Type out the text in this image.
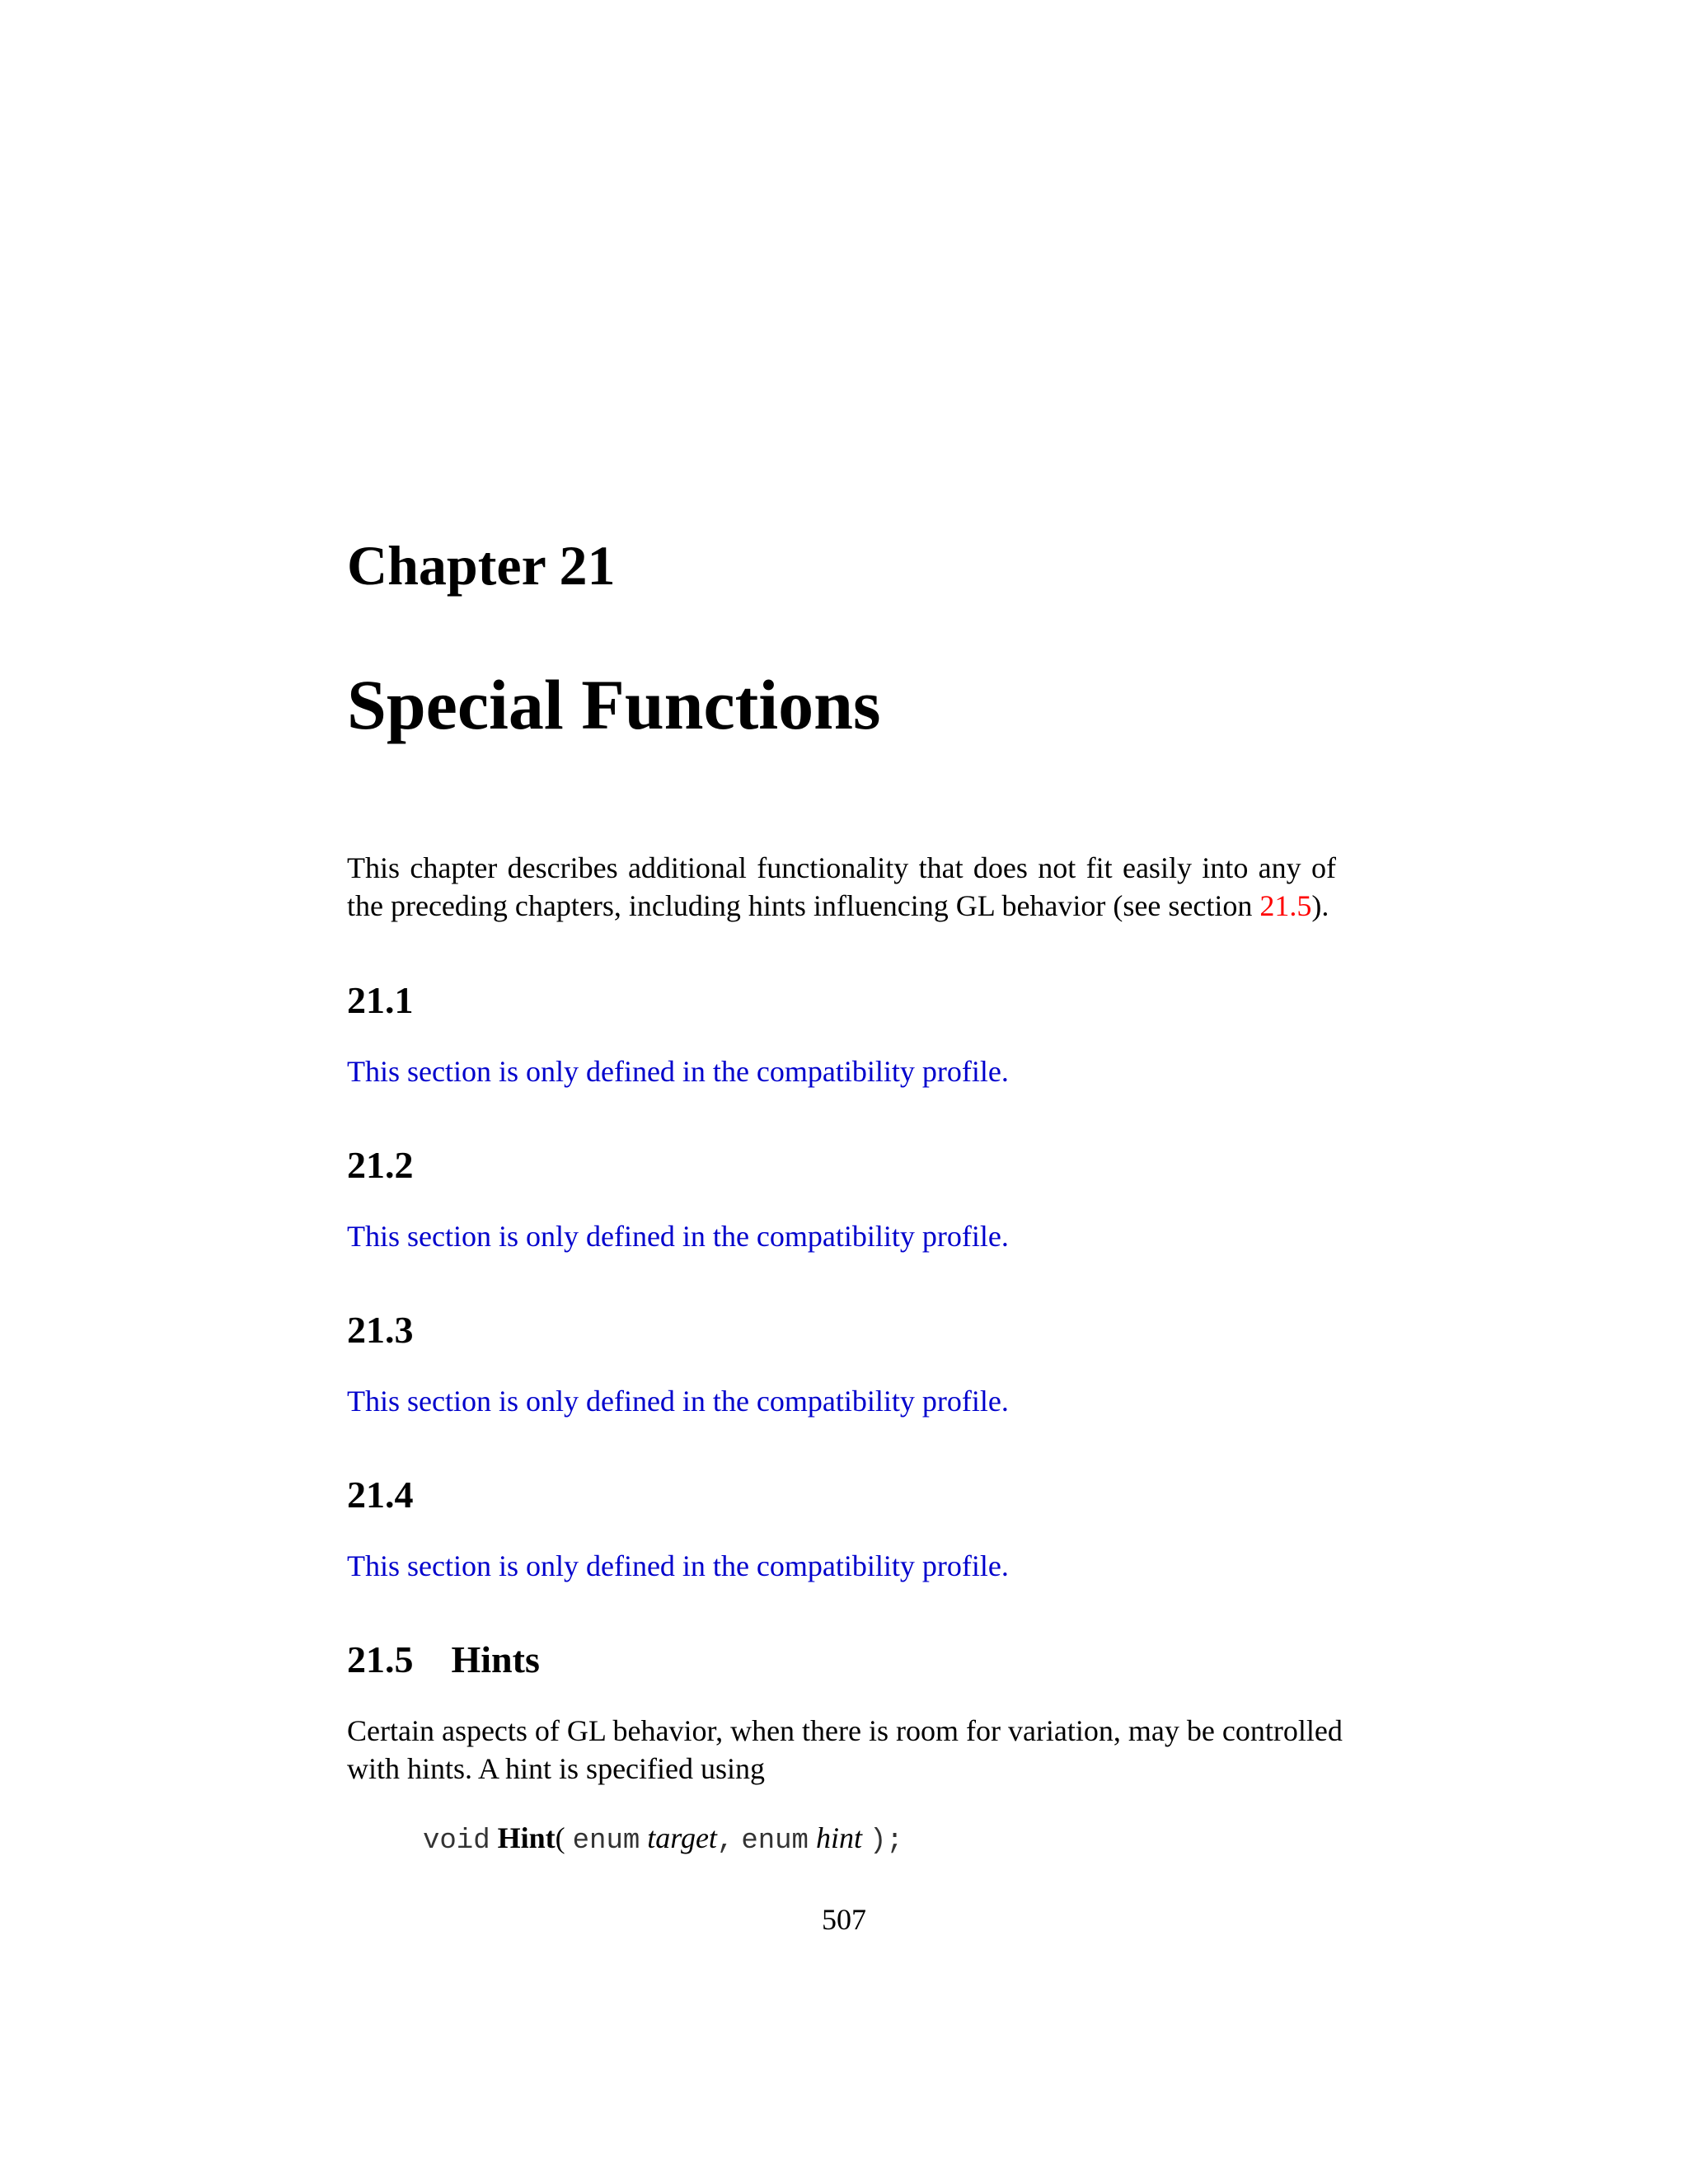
Chapter 21
Special Functions
This chapter describes additional functionality that does not fit easily into any of
the preceding chapters, including hints influencing GL behavior (see section 21.5).
21.1
This section is only defined in the compatibility profile.
21.2
This section is only defined in the compatibility profile.
21.3
This section is only defined in the compatibility profile.
21.4
This section is only defined in the compatibility profile.
21.5 Hints
Certain aspects of GL behavior, when there is room for variation, may be controlled
with hints. A hint is specified using
void Hint( enum target, enum hint );
507
